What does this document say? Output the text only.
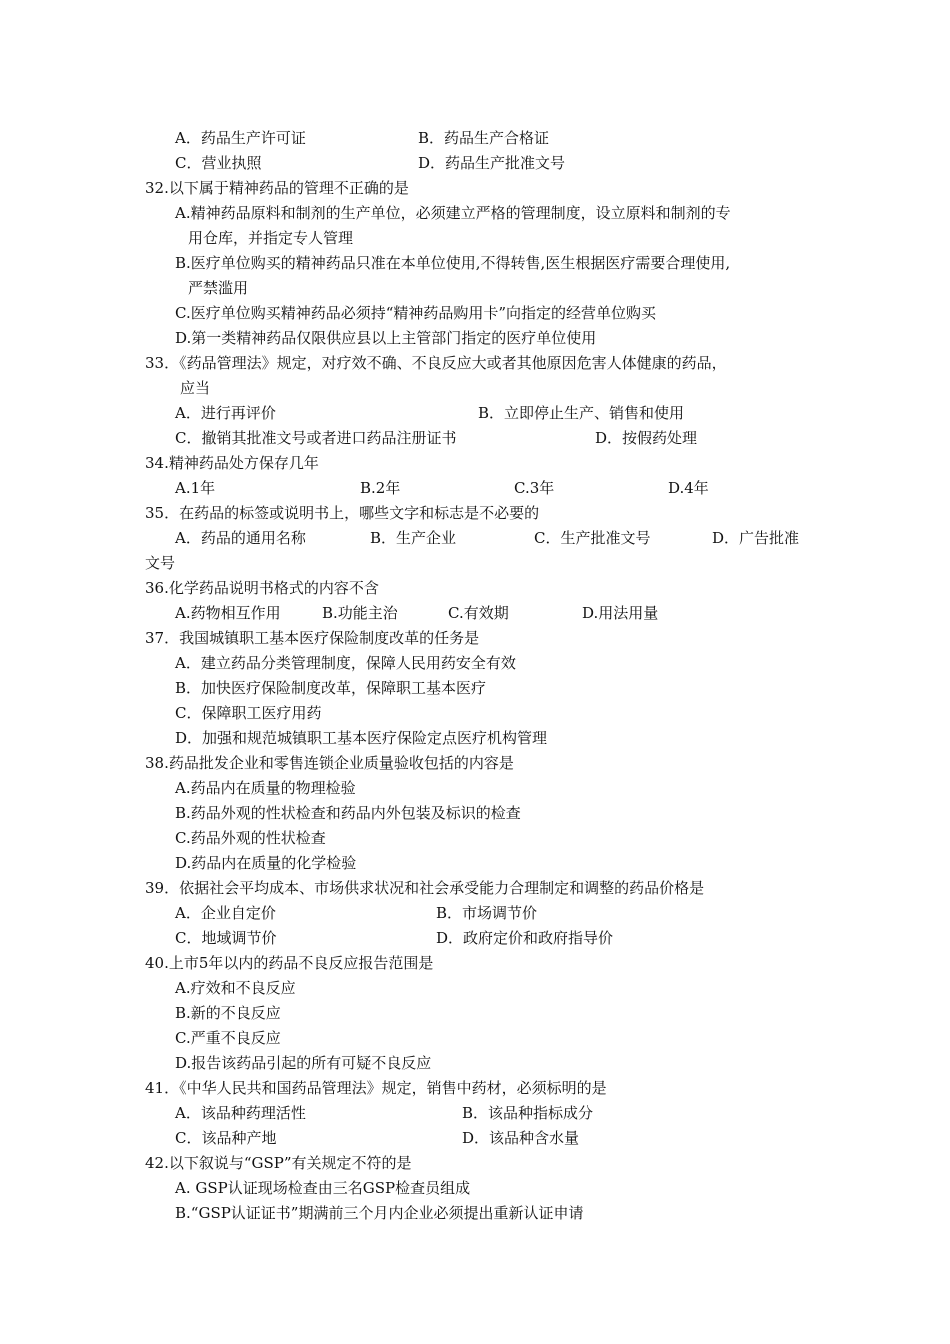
A．药品生产许可证	B．药品生产合格证
C．营业执照	D．药品生产批准文号
32.以下属于精神药品的管理不正确的是
A.精神药品原料和制剂的生产单位，必须建立严格的管理制度，设立原料和制剂的专
用仓库，并指定专人管理
B.医疗单位购买的精神药品只准在本单位使用,不得转售,医生根据医疗需要合理使用,
严禁滥用
C.医疗单位购买精神药品必须持“精神药品购用卡”向指定的经营单位购买
D.第一类精神药品仅限供应县以上主管部门指定的医疗单位使用
33．《药品管理法》规定，对疗效不确、不良反应大或者其他原因危害人体健康的药品，
应当
A．进行再评价	B．立即停止生产、销售和使用
C．撤销其批准文号或者进口药品注册证书	D．按假药处理
34.精神药品处方保存几年
A.1年	B.2年	C.3年	D.4年
35．在药品的标签或说明书上，哪些文字和标志是不必要的
A．药品的通用名称	B．生产企业	C．生产批准文号	D．广告批准
文号
36.化学药品说明书格式的内容不含
A.药物相互作用	B.功能主治	C.有效期	D.用法用量
37．我国城镇职工基本医疗保险制度改革的任务是
A．建立药品分类管理制度，保障人民用药安全有效
B．加快医疗保险制度改革，保障职工基本医疗
C．保障职工医疗用药
D．加强和规范城镇职工基本医疗保险定点医疗机构管理
38.药品批发企业和零售连锁企业质量验收包括的内容是
A.药品内在质量的物理检验
B.药品外观的性状检查和药品内外包装及标识的检查
C.药品外观的性状检查
D.药品内在质量的化学检验
39．依据社会平均成本、市场供求状况和社会承受能力合理制定和调整的药品价格是
A．企业自定价	B．市场调节价
C．地域调节价	D．政府定价和政府指导价
40.上市5年以内的药品不良反应报告范围是
A.疗效和不良反应
B.新的不良反应
C.严重不良反应
D.报告该药品引起的所有可疑不良反应
41．《中华人民共和国药品管理法》规定，销售中药材，必须标明的是
A．该品种药理活性	B．该品种指标成分
C．该品种产地	D．该品种含水量
42.以下叙说与“GSP”有关规定不符的是
A. GSP认证现场检查由三名GSP检查员组成
B.“GSP认证证书”期满前三个月内企业必须提出重新认证申请
